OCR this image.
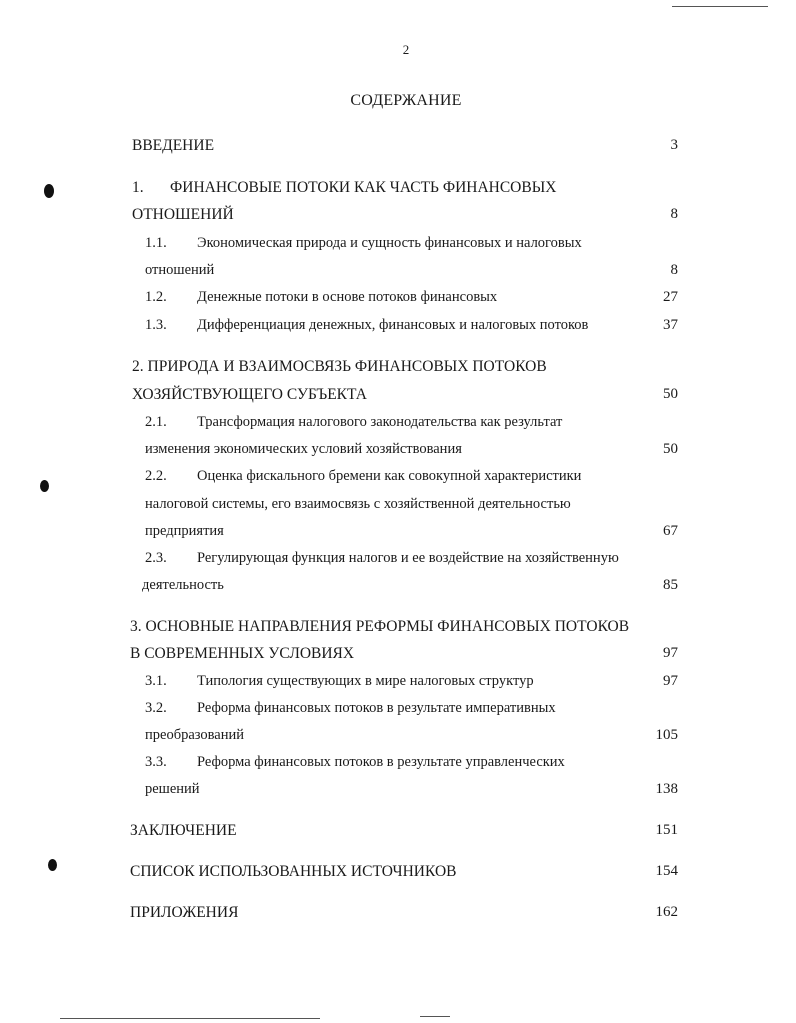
2
СОДЕРЖАНИЕ
ВВЕДЕНИЕ	3
1. ФИНАНСОВЫЕ ПОТОКИ КАК ЧАСТЬ ФИНАНСОВЫХ
ОТНОШЕНИЙ	8
1.1. Экономическая природа и сущность финансовых и налоговых
отношений	8
1.2. Денежные потоки в основе потоков финансовых	27
1.3. Дифференциация денежных, финансовых и налоговых потоков	37
2. ПРИРОДА И ВЗАИМОСВЯЗЬ ФИНАНСОВЫХ ПОТОКОВ
ХОЗЯЙСТВУЮЩЕГО СУБЪЕКТА	50
2.1. Трансформация налогового законодательства как результат
изменения экономических условий хозяйствования	50
2.2. Оценка фискального бремени как совокупной характеристики
налоговой системы, его взаимосвязь с хозяйственной деятельностью
предприятия	67
2.3. Регулирующая функция налогов и ее воздействие на хозяйственную
деятельность	85
3. ОСНОВНЫЕ НАПРАВЛЕНИЯ РЕФОРМЫ ФИНАНСОВЫХ ПОТОКОВ
В СОВРЕМЕННЫХ УСЛОВИЯХ	97
3.1. Типология существующих в мире налоговых структур	97
3.2. Реформа финансовых потоков в результате императивных
преобразований	105
3.3. Реформа финансовых потоков в результате управленческих
решений	138
ЗАКЛЮЧЕНИЕ	151
СПИСОК ИСПОЛЬЗОВАННЫХ ИСТОЧНИКОВ	154
ПРИЛОЖЕНИЯ	162
